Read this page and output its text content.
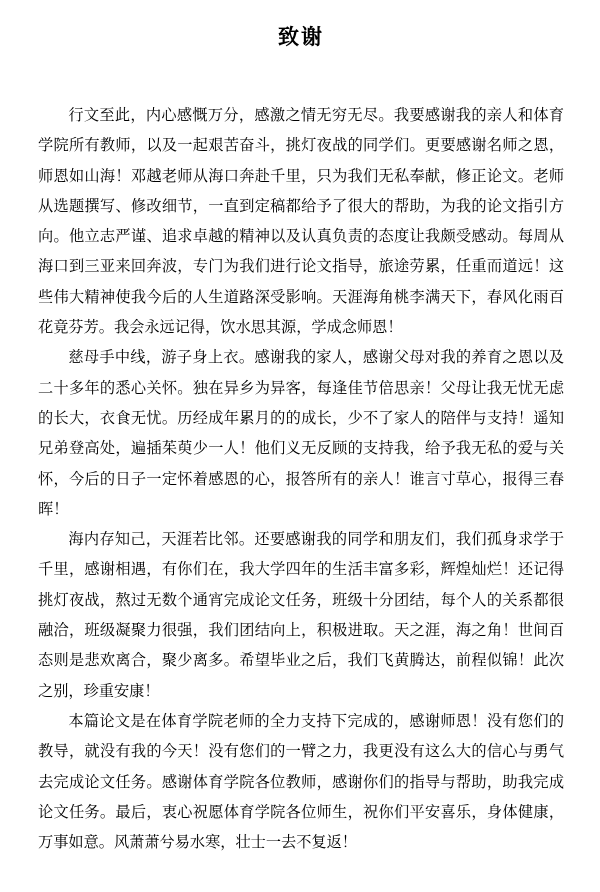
致谢

行文至此，内心感慨万分，感激之情无穷无尽。我要感谢我的亲人和体育学院所有教师，以及一起艰苦奋斗，挑灯夜战的同学们。更要感谢名师之恩，师恩如山海！邓越老师从海口奔赴千里，只为我们无私奉献，修正论文。老师从选题撰写、修改细节，一直到定稿都给予了很大的帮助，为我的论文指引方向。他立志严谨、追求卓越的精神以及认真负责的态度让我颇受感动。每周从海口到三亚来回奔波，专门为我们进行论文指导，旅途劳累，任重而道远！这些伟大精神使我今后的人生道路深受影响。天涯海角桃李满天下，春风化雨百花竟芬芳。我会永远记得，饮水思其源，学成念师恩！

慈母手中线，游子身上衣。感谢我的家人，感谢父母对我的养育之恩以及二十多年的悉心关怀。独在异乡为异客，每逢佳节倍思亲！父母让我无忧无虑的长大，衣食无忧。历经成年累月的的成长，少不了家人的陪伴与支持！遥知兄弟登高处，遍插茱萸少一人！他们义无反顾的支持我，给予我无私的爱与关怀，今后的日子一定怀着感恩的心，报答所有的亲人！谁言寸草心，报得三春晖！

海内存知己，天涯若比邻。还要感谢我的同学和朋友们，我们孤身求学于千里，感谢相遇，有你们在，我大学四年的生活丰富多彩，辉煌灿烂！还记得挑灯夜战，熬过无数个通宵完成论文任务，班级十分团结，每个人的关系都很融洽，班级凝聚力很强，我们团结向上，积极进取。天之涯，海之角！世间百态则是悲欢离合，聚少离多。希望毕业之后，我们飞黄腾达，前程似锦！此次之别，珍重安康！

本篇论文是在体育学院老师的全力支持下完成的，感谢师恩！没有您们的教导，就没有我的今天！没有您们的一臂之力，我更没有这么大的信心与勇气去完成论文任务。感谢体育学院各位教师，感谢你们的指导与帮助，助我完成论文任务。最后，衷心祝愿体育学院各位师生，祝你们平安喜乐，身体健康，万事如意。风萧萧兮易水寒，壮士一去不复返！
